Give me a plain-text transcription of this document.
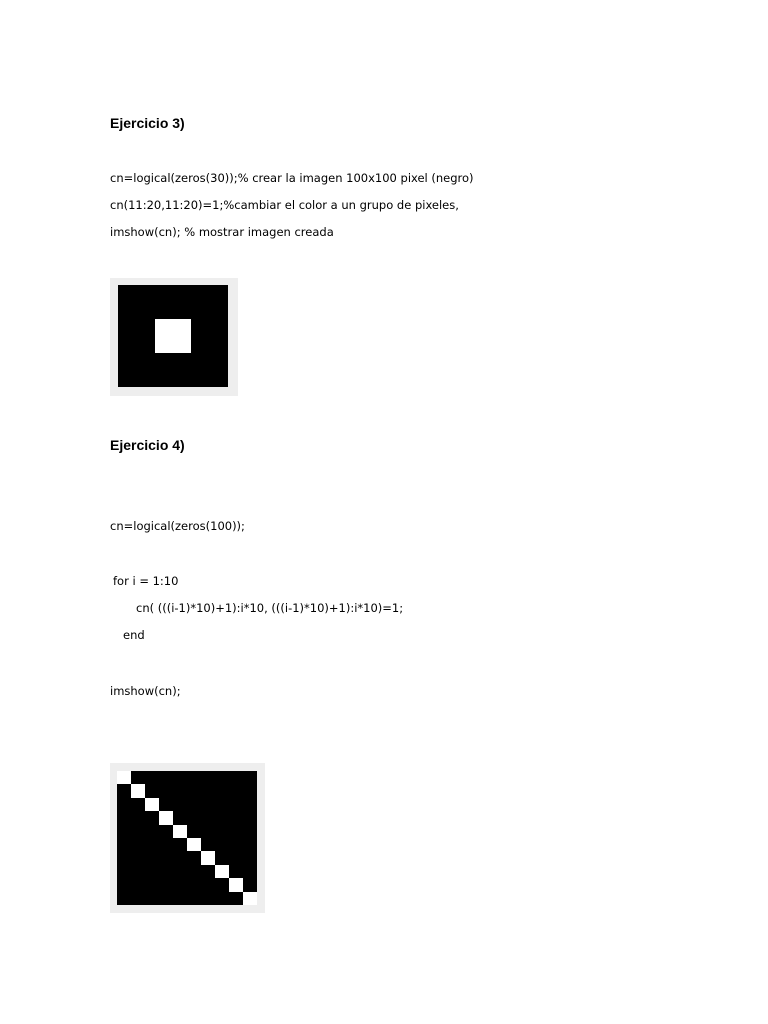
Ejercicio 3)

cn=logical(zeros(30));% crear la imagen 100x100 pixel (negro)

cn(11:20,11:20)=1;%cambiar el color a un grupo de pixeles,

imshow(cn); % mostrar imagen creada

Ejercicio 4)

cn=logical(zeros(100));

for i = 1:10

cn( (((i-1)*10)+1):i*10, (((i-1)*10)+1):i*10)=1;

end

imshow(cn);
